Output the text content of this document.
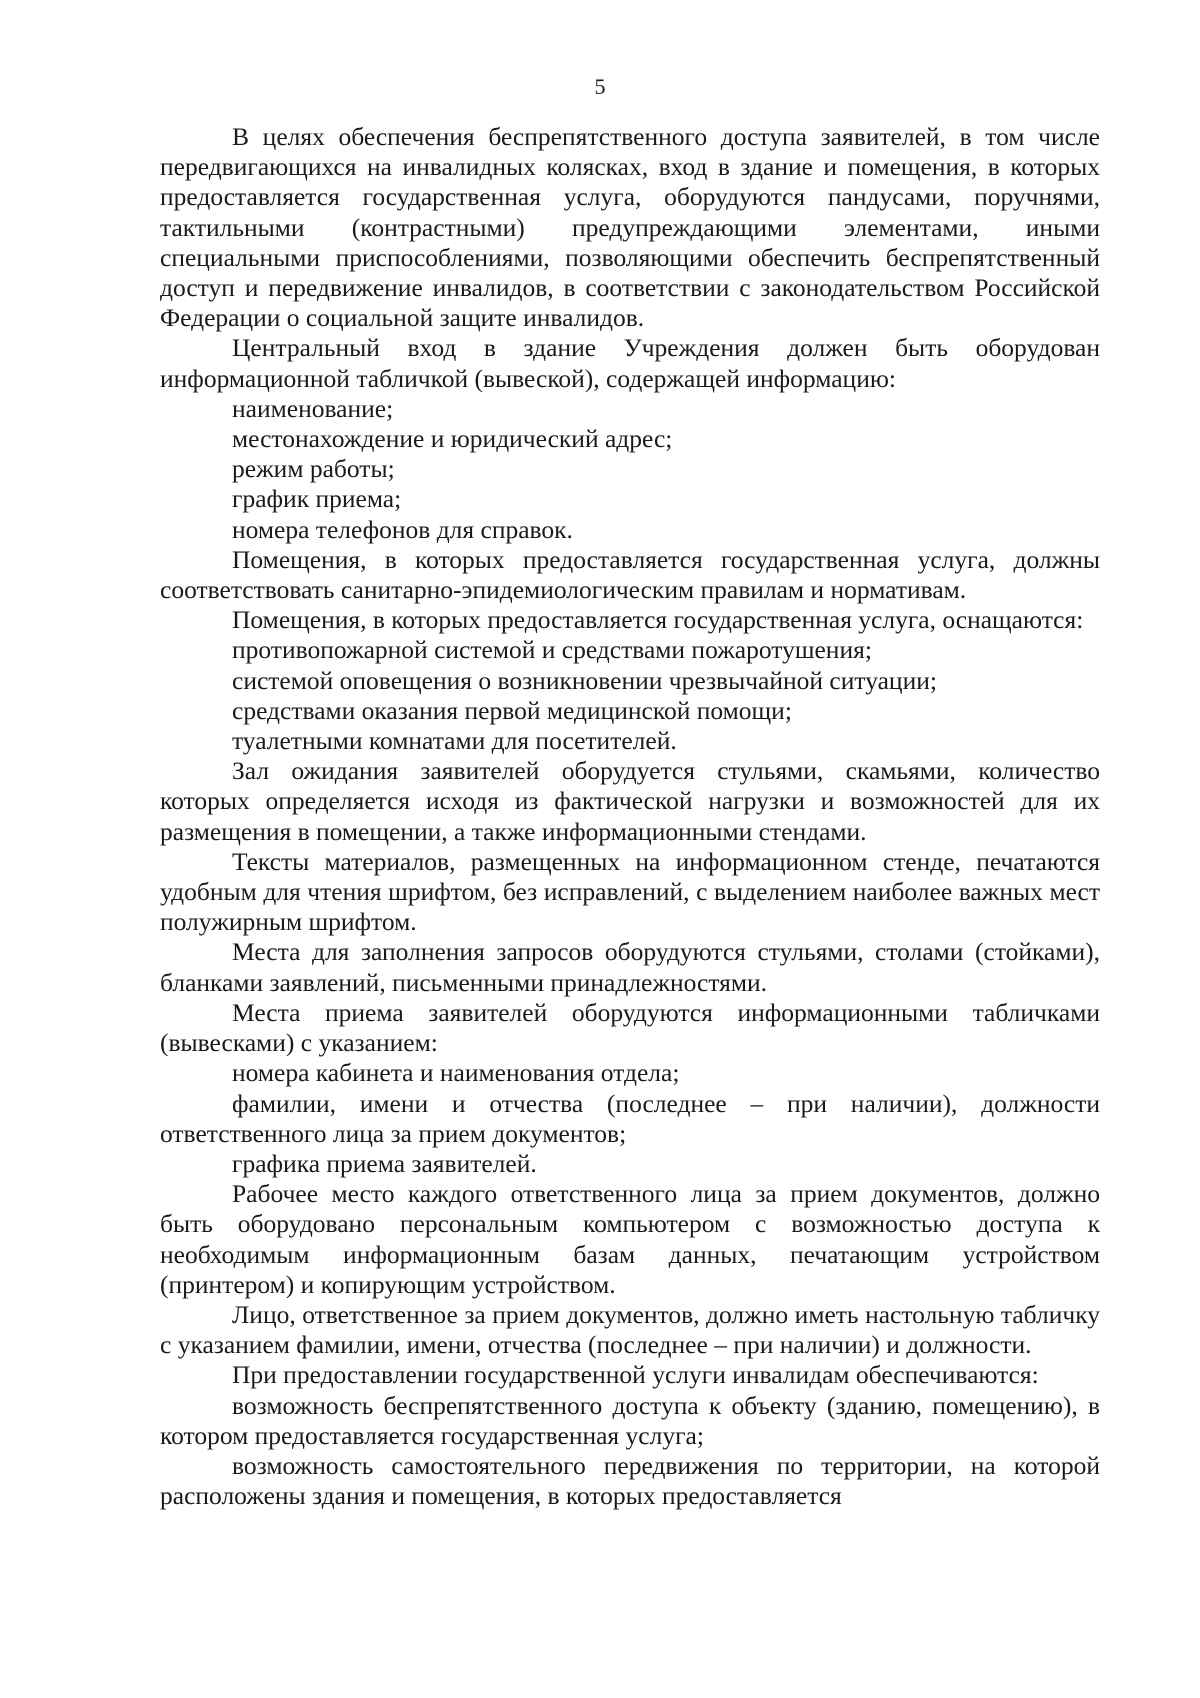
5

В целях обеспечения беспрепятственного доступа заявителей, в том числе передвигающихся на инвалидных колясках, вход в здание и помещения, в которых предоставляется государственная услуга, оборудуются пандусами, поручнями, тактильными (контрастными) предупреждающими элементами, иными специальными приспособлениями, позволяющими обеспечить беспрепятственный доступ и передвижение инвалидов, в соответствии с законодательством Российской Федерации о социальной защите инвалидов.

Центральный вход в здание Учреждения должен быть оборудован информационной табличкой (вывеской), содержащей информацию:

наименование;

местонахождение и юридический адрес;

режим работы;

график приема;

номера телефонов для справок.

Помещения, в которых предоставляется государственная услуга, должны соответствовать санитарно-эпидемиологическим правилам и нормативам.

Помещения, в которых предоставляется государственная услуга, оснащаются:

противопожарной системой и средствами пожаротушения;

системой оповещения о возникновении чрезвычайной ситуации;

средствами оказания первой медицинской помощи;

туалетными комнатами для посетителей.

Зал ожидания заявителей оборудуется стульями, скамьями, количество которых определяется исходя из фактической нагрузки и возможностей для их размещения в помещении, а также информационными стендами.

Тексты материалов, размещенных на информационном стенде, печатаются удобным для чтения шрифтом, без исправлений, с выделением наиболее важных мест полужирным шрифтом.

Места для заполнения запросов оборудуются стульями, столами (стойками), бланками заявлений, письменными принадлежностями.

Места приема заявителей оборудуются информационными табличками (вывесками) с указанием:

номера кабинета и наименования отдела;

фамилии, имени и отчества (последнее – при наличии), должности ответственного лица за прием документов;

графика приема заявителей.

Рабочее место каждого ответственного лица за прием документов, должно быть оборудовано персональным компьютером с возможностью доступа к необходимым информационным базам данных, печатающим устройством (принтером) и копирующим устройством.

Лицо, ответственное за прием документов, должно иметь настольную табличку с указанием фамилии, имени, отчества (последнее – при наличии) и должности.

При предоставлении государственной услуги инвалидам обеспечиваются:

возможность беспрепятственного доступа к объекту (зданию, помещению), в котором предоставляется государственная услуга;

возможность самостоятельного передвижения по территории, на которой расположены здания и помещения, в которых предоставляется
